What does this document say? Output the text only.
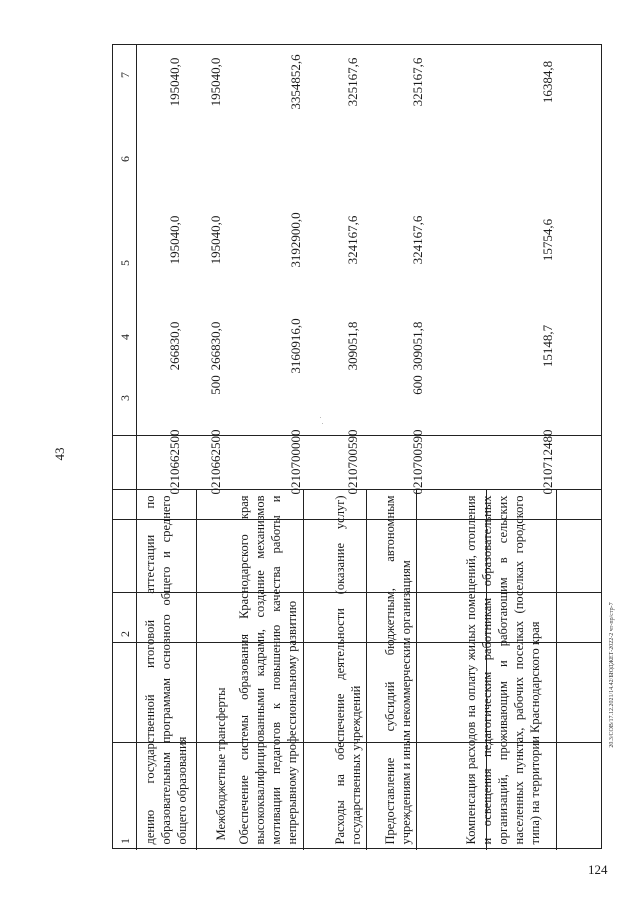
43
124
20.3/СОВ/17.12.2021/14.42/БЮДЖЕТ-2022-2 чт-пр/стр-7
7
6
5
4
3
2
1 дению государственной итоговой аттестации по образовательным программам основного общего и среднего общего образования
0210662500
266830,0
195040,0
195040,0
Межбюджетные трансферты
0210662500
500
266830,0
195040,0
195040,0
Обеспечение системы образования Краснодарского края высококвалифицированными кадрами, создание механизмов мотивации педагогов к повышению качества работы и непрерывному профессиональному развитию
0210700000
3160916,0
3192900,0
3354852,6
Расходы на обеспечение деятельности (оказание услуг) государственных учреждений
0210700590
309051,8
324167,6
325167,6
Предоставление субсидий бюджетным, автономным учреждениям и иным некоммерческим организациям
0210700590
600
309051,8
324167,6
325167,6
Компенсация расходов на оплату жилых помещений, отопления и освещения педагогическим работникам образовательных организаций, проживающим и работающим в сельских населенных пунктах, рабочих поселках (поселках городского типа) на территории Краснодарского края
0210712480
15148,7
15754,6
16384,8
